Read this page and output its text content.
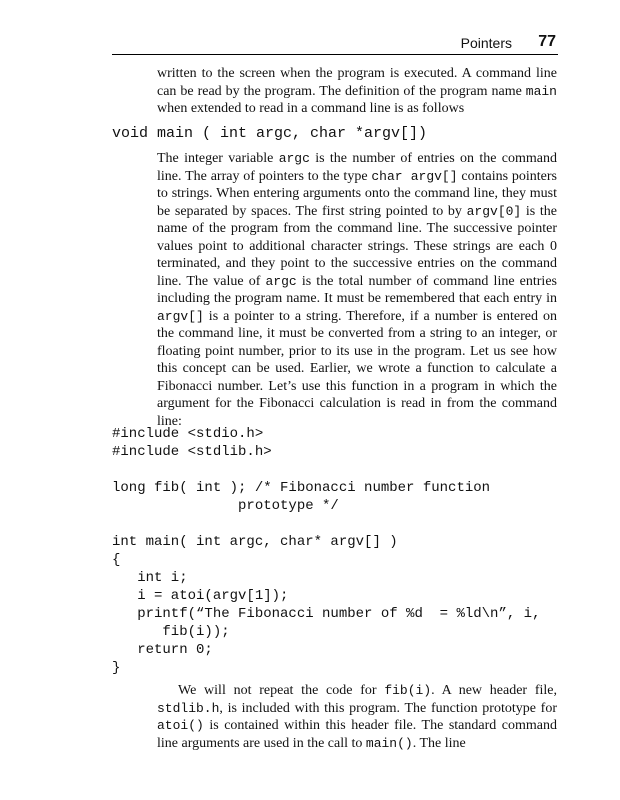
Pointers 77

written to the screen when the program is executed. A command line can be read by the program. The definition of the program name main when extended to read in a command line is as follows

void main ( int argc, char *argv[])

The integer variable argc is the number of entries on the command line. The array of pointers to the type char argv[] contains pointers to strings. When entering arguments onto the command line, they must be separated by spaces. The first string pointed to by argv[0] is the name of the program from the command line. The successive pointer values point to additional character strings. These strings are each 0 terminated, and they point to the successive entries on the command line. The value of argc is the total number of command line entries including the program name. It must be remembered that each entry in argv[] is a pointer to a string. Therefore, if a number is entered on the command line, it must be converted from a string to an integer, or floating point number, prior to its use in the program. Let us see how this concept can be used. Earlier, we wrote a function to calculate a Fibonacci number. Let’s use this function in a program in which the argument for the Fibonacci calculation is read in from the command line:

#include <stdio.h>
#include <stdlib.h>
long fib( int ); /* Fibonacci number function
prototype */
int main( int argc, char* argv[] )
{
int i;
i = atoi(argv[1]);
printf(“The Fibonacci number of %d  = %ld\n”, i,
fib(i));
return 0;
}

We will not repeat the code for fib(i). A new header file, stdlib.h, is included with this program. The function prototype for atoi() is contained within this header file. The standard command line arguments are used in the call to main(). The line
